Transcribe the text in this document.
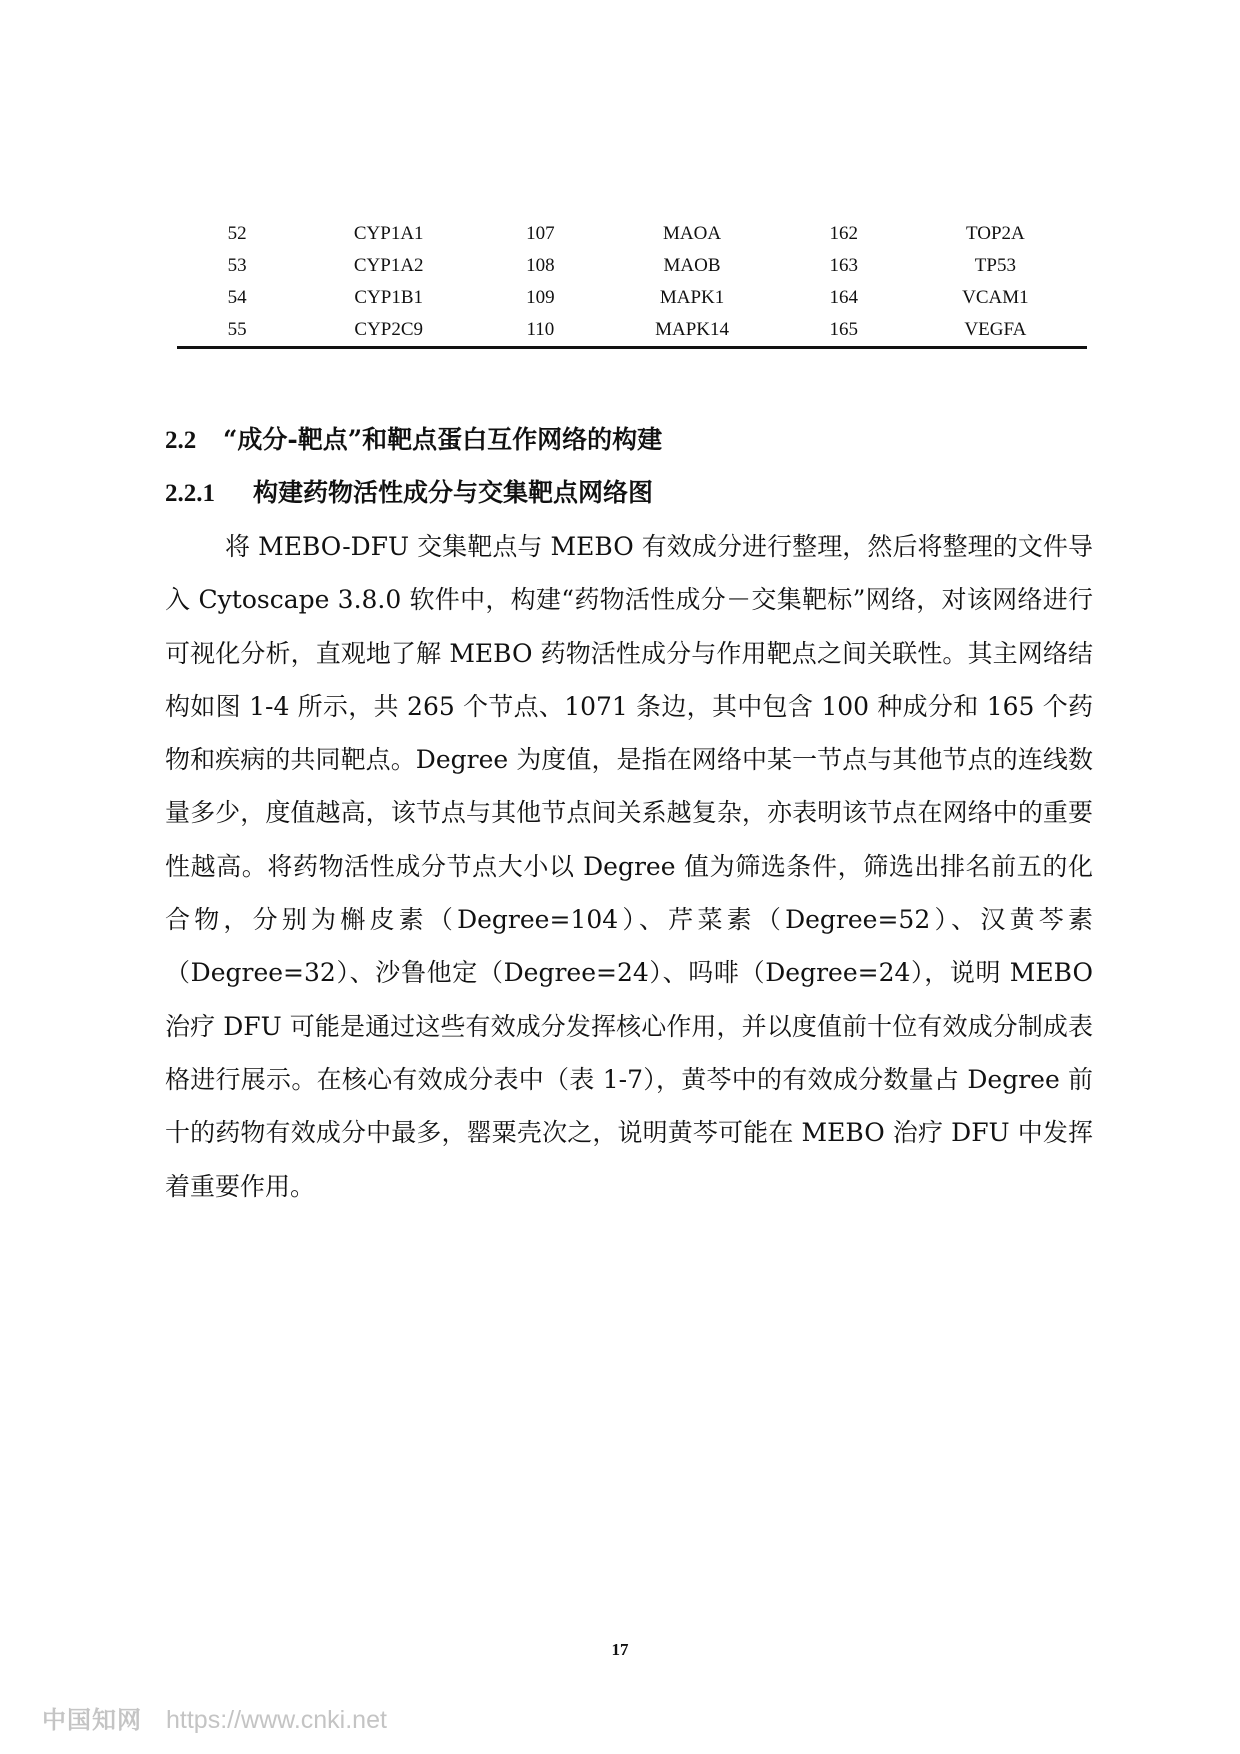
52	CYP1A1	107	MAOA	162	TOP2A
53	CYP1A2	108	MAOB	163	TP53
54	CYP1B1	109	MAPK1	164	VCAM1
55	CYP2C9	110	MAPK14	165	VEGFA
2.2 “成分-靶点”和靶点蛋白互作网络的构建
2.2.1 构建药物活性成分与交集靶点网络图

将 MEBO-DFU 交集靶点与 MEBO 有效成分进行整理，然后将整理的文件导入 Cytoscape 3.8.0 软件中，构建“药物活性成分－交集靶标”网络，对该网络进行可视化分析，直观地了解 MEBO 药物活性成分与作用靶点之间关联性。其主网络结构如图 1-4 所示，共 265 个节点、1071 条边，其中包含 100 种成分和 165 个药物和疾病的共同靶点。Degree 为度值，是指在网络中某一节点与其他节点的连线数量多少，度值越高，该节点与其他节点间关系越复杂，亦表明该节点在网络中的重要性越高。将药物活性成分节点大小以 Degree 值为筛选条件，筛选出排名前五的化合物，分别为槲皮素（Degree=104）、芹菜素（Degree=52）、汉黄芩素（Degree=32）、沙鲁他定（Degree=24）、吗啡（Degree=24），说明 MEBO 治疗 DFU 可能是通过这些有效成分发挥核心作用，并以度值前十位有效成分制成表格进行展示。在核心有效成分表中（表 1-7），黄芩中的有效成分数量占 Degree 前十的药物有效成分中最多，罂粟壳次之，说明黄芩可能在 MEBO 治疗 DFU 中发挥着重要作用。

17
中国知网 https://www.cnki.net
